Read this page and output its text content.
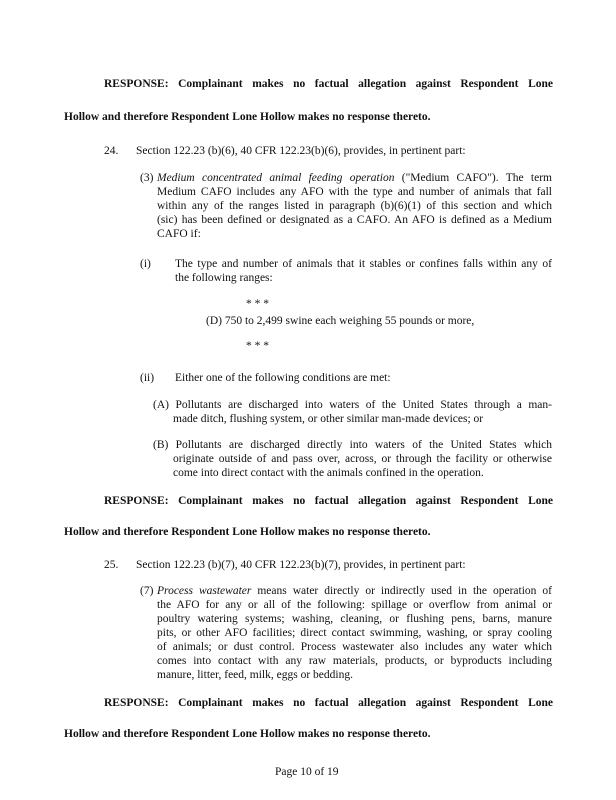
RESPONSE: Complainant makes no factual allegation against Respondent Lone
Hollow and therefore Respondent Lone Hollow makes no response thereto.
24. Section 122.23 (b)(6), 40 CFR 122.23(b)(6), provides, in pertinent part:
(3) Medium concentrated animal feeding operation ("Medium CAFO"). The term
Medium CAFO includes any AFO with the type and number of animals that fall
within any of the ranges listed in paragraph (b)(6)(1) of this section and which
(sic) has been defined or designated as a CAFO. An AFO is defined as a Medium
CAFO if:
(i) The type and number of animals that it stables or confines falls within any of
the following ranges:
* * *
(D) 750 to 2,499 swine each weighing 55 pounds or more,
* * *
(ii) Either one of the following conditions are met:
(A) Pollutants are discharged into waters of the United States through a man-
made ditch, flushing system, or other similar man-made devices; or
(B) Pollutants are discharged directly into waters of the United States which
originate outside of and pass over, across, or through the facility or otherwise
come into direct contact with the animals confined in the operation.
RESPONSE: Complainant makes no factual allegation against Respondent Lone
Hollow and therefore Respondent Lone Hollow makes no response thereto.
25. Section 122.23 (b)(7), 40 CFR 122.23(b)(7), provides, in pertinent part:
(7) Process wastewater means water directly or indirectly used in the operation of
the AFO for any or all of the following: spillage or overflow from animal or
poultry watering systems; washing, cleaning, or flushing pens, barns, manure
pits, or other AFO facilities; direct contact swimming, washing, or spray cooling
of animals; or dust control. Process wastewater also includes any water which
comes into contact with any raw materials, products, or byproducts including
manure, litter, feed, milk, eggs or bedding.
RESPONSE: Complainant makes no factual allegation against Respondent Lone
Hollow and therefore Respondent Lone Hollow makes no response thereto.
Page 10 of 19
